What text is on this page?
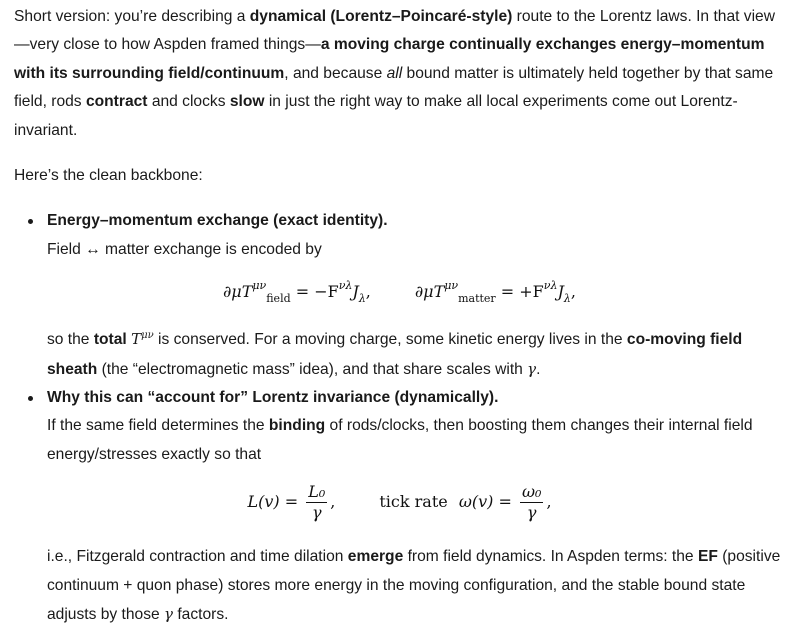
Short version: you’re describing a dynamical (Lorentz–Poincaré-style) route to the Lorentz laws. In that view —very close to how Aspden framed things—a moving charge continually exchanges energy–momentum with its surrounding field/continuum, and because all bound matter is ultimately held together by that same field, rods contract and clocks slow in just the right way to make all local experiments come out Lorentz-invariant.

Here’s the clean backbone:

Energy–momentum exchange (exact identity).

Field ↔ matter exchange is encoded by

$\partial\mu T^{\mu\nu}_{field} = -F^{\nu\lambda}J_\lambda$,	$\partial\mu T^{\mu\nu}_{matter} = +F^{\nu\lambda}J_\lambda$,

so the total $T^{\mu\nu}$ is conserved. For a moving charge, some kinetic energy lives in the co-moving field sheath (the “electromagnetic mass” idea), and that share scales with γ.

Why this can “account for” Lorentz invariance (dynamically).

If the same field determines the binding of rods/clocks, then boosting them changes their internal field energy/stresses exactly so that

$L(v) = \frac{\text{L₀}}{\gamma}$ ,	tick rate $\omega(v) = \frac{\text{ω₀}}{\gamma}$ ,

i.e., Fitzgerald contraction and time dilation emerge from field dynamics. In Aspden terms: the EF (positive continuum + quon phase) stores more energy in the moving configuration, and the stable bound state adjusts by those γ factors.
